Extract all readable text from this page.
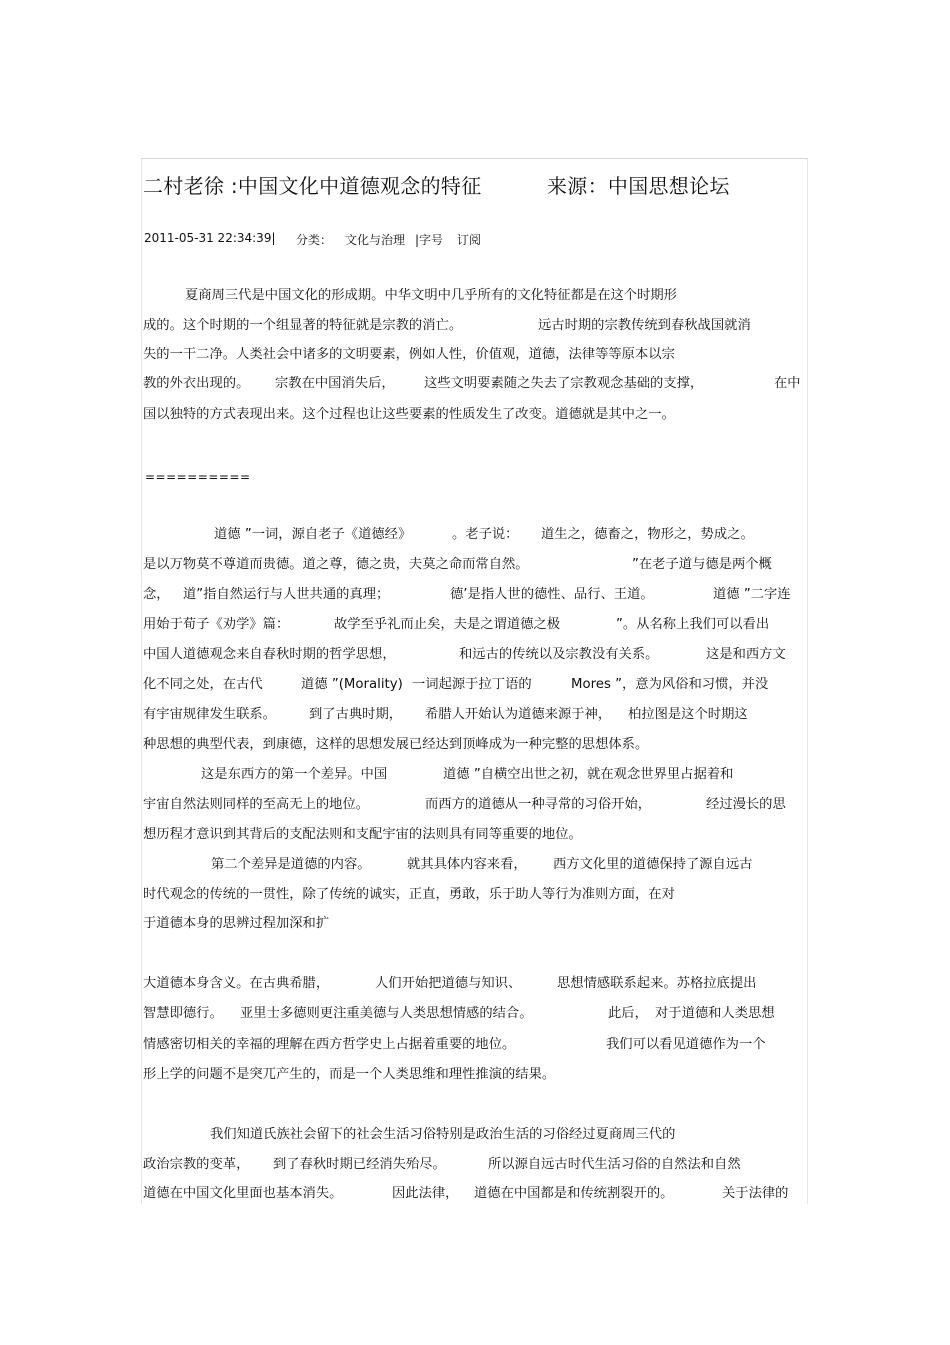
二村老徐 :中国文化中道德观念的特征	来源：中国思想论坛
2011-05-31 22:34:39| 分类： 文化与治理 |字号 订阅
夏商周三代是中国文化的形成期。中华文明中几乎所有的文化特征都是在这个时期形
成的。这个时期的一个组显著的特征就是宗教的消亡。	远古时期的宗教传统到春秋战国就消
失的一干二净。人类社会中诸多的文明要素，例如人性，价值观，道德，法律等等原本以宗
教的外衣出现的。 宗教在中国消失后， 这些文明要素随之失去了宗教观念基础的支撑，	在中
国以独特的方式表现出来。这个过程也让这些要素的性质发生了改变。道德就是其中之一。
==========
道德 ”一词，源自老子《道德经》	。老子说： 道生之，德畜之，物形之，势成之。
是以万物莫不尊道而贵德。道之尊，德之贵，夫莫之命而常自然。	”在老子道与德是两个概
念， 道”指自然运行与人世共通的真理；	德’是指人世的德性、品行、王道。	道德 ”二字连
用始于荀子《劝学》篇：	故学至乎礼而止矣，夫是之谓道德之极	”。从名称上我们可以看出
中国人道德观念来自春秋时期的哲学思想，	和远古的传统以及宗教没有关系。	这是和西方文
化不同之处，在古代	道德 ”(Morality) 一词起源于拉丁语的	Mores ”，意为风俗和习惯，并没
有宇宙规律发生联系。 到了古典时期， 希腊人开始认为道德来源于神， 柏拉图是这个时期这
种思想的典型代表，到康德，这样的思想发展已经达到顶峰成为一种完整的思想体系。
这是东西方的第一个差异。中国	道德 ”自横空出世之初，就在观念世界里占据着和
宇宙自然法则同样的至高无上的地位。	而西方的道德从一种寻常的习俗开始，	经过漫长的思
想历程才意识到其背后的支配法则和支配宇宙的法则具有同等重要的地位。
第二个差异是道德的内容。	就其具体内容来看， 西方文化里的道德保持了源自远古
时代观念的传统的一贯性，除了传统的诚实，正直，勇敢，乐于助人等行为准则方面，在对
于道德本身的思辨过程加深和扩
大道德本身含义。在古典希腊，	人们开始把道德与知识、	思想情感联系起来。苏格拉底提出
智慧即德行。 亚里士多德则更注重美德与人类思想情感的结合。	此后， 对于道德和人类思想
情感密切相关的幸福的理解在西方哲学史上占据着重要的地位。	我们可以看见道德作为一个
形上学的问题不是突兀产生的，而是一个人类思维和理性推演的结果。
我们知道氏族社会留下的社会生活习俗特别是政治生活的习俗经过夏商周三代的
政治宗教的变革， 到了春秋时期已经消失殆尽。	所以源自远古时代生活习俗的自然法和自然
道德在中国文化里面也基本消失。	因此法律， 道德在中国都是和传统割裂开的。	关于法律的
